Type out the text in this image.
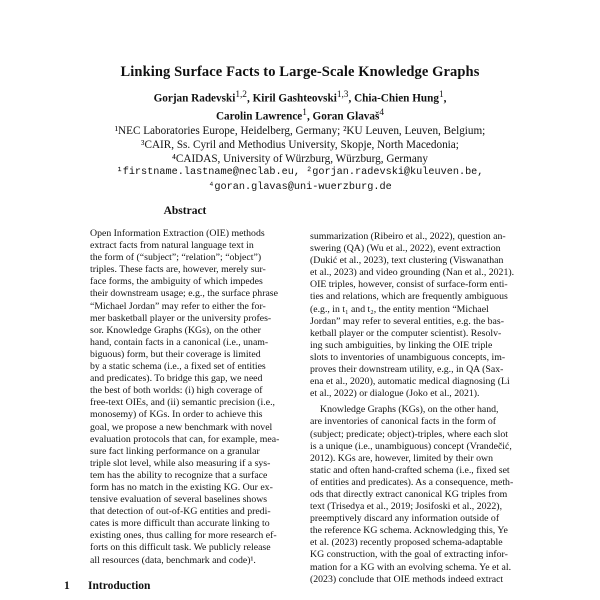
Linking Surface Facts to Large-Scale Knowledge Graphs
Gorjan Radevski$^{1,2}$, Kiril Gashteovski$^{1,3}$, Chia-Chien Hung$^1$,
Carolin Lawrence$^1$, Goran Glavaš$^4$
¹NEC Laboratories Europe, Heidelberg, Germany; ²KU Leuven, Leuven, Belgium;
³CAIR, Ss. Cyril and Methodius University, Skopje, North Macedonia;
⁴CAIDAS, University of Würzburg, Würzburg, Germany
¹firstname.lastname@neclab.eu, ²gorjan.radevski@kuleuven.be,
⁴goran.glavas@uni-wuerzburg.de
Abstract
Open Information Extraction (OIE) methods
extract facts from natural language text in
the form of (“subject”; “relation”; “object”)
triples. These facts are, however, merely sur-
face forms, the ambiguity of which impedes
their downstream usage; e.g., the surface phrase
“Michael Jordan” may refer to either the for-
mer basketball player or the university profes-
sor. Knowledge Graphs (KGs), on the other
hand, contain facts in a canonical (i.e., unam-
biguous) form, but their coverage is limited
by a static schema (i.e., a fixed set of entities
and predicates). To bridge this gap, we need
the best of both worlds: (i) high coverage of
free-text OIEs, and (ii) semantic precision (i.e.,
monosemy) of KGs. In order to achieve this
goal, we propose a new benchmark with novel
evaluation protocols that can, for example, mea-
sure fact linking performance on a granular
triple slot level, while also measuring if a sys-
tem has the ability to recognize that a surface
form has no match in the existing KG. Our ex-
tensive evaluation of several baselines shows
that detection of out-of-KG entities and predi-
cates is more difficult than accurate linking to
existing ones, thus calling for more research ef-
forts on this difficult task. We publicly release
all resources (data, benchmark and code)¹.
1 Introduction
summarization (Ribeiro et al., 2022), question an-
swering (QA) (Wu et al., 2022), event extraction
(Dukić et al., 2023), text clustering (Viswanathan
et al., 2023) and video grounding (Nan et al., 2021).
OIE triples, however, consist of surface-form enti-
ties and relations, which are frequently ambiguous
(e.g., in t₁ and t₂, the entity mention “Michael
Jordan” may refer to several entities, e.g. the bas-
ketball player or the computer scientist). Resolv-
ing such ambiguities, by linking the OIE triple
slots to inventories of unambiguous concepts, im-
proves their downstream utility, e.g., in QA (Sax-
ena et al., 2020), automatic medical diagnosing (Li
et al., 2022) or dialogue (Joko et al., 2021).
Knowledge Graphs (KGs), on the other hand,
are inventories of canonical facts in the form of
(subject; predicate; object)-triples, where each slot
is a unique (i.e., unambiguous) concept (Vrandečić,
2012). KGs are, however, limited by their own
static and often hand-crafted schema (i.e., fixed set
of entities and predicates). As a consequence, meth-
ods that directly extract canonical KG triples from
text (Trisedya et al., 2019; Josifoski et al., 2022),
preemptively discard any information outside of
the reference KG schema. Acknowledging this, Ye
et al. (2023) recently proposed schema-adaptable
KG construction, with the goal of extracting infor-
mation for a KG with an evolving schema. Ye et al.
(2023) conclude that OIE methods indeed extract
